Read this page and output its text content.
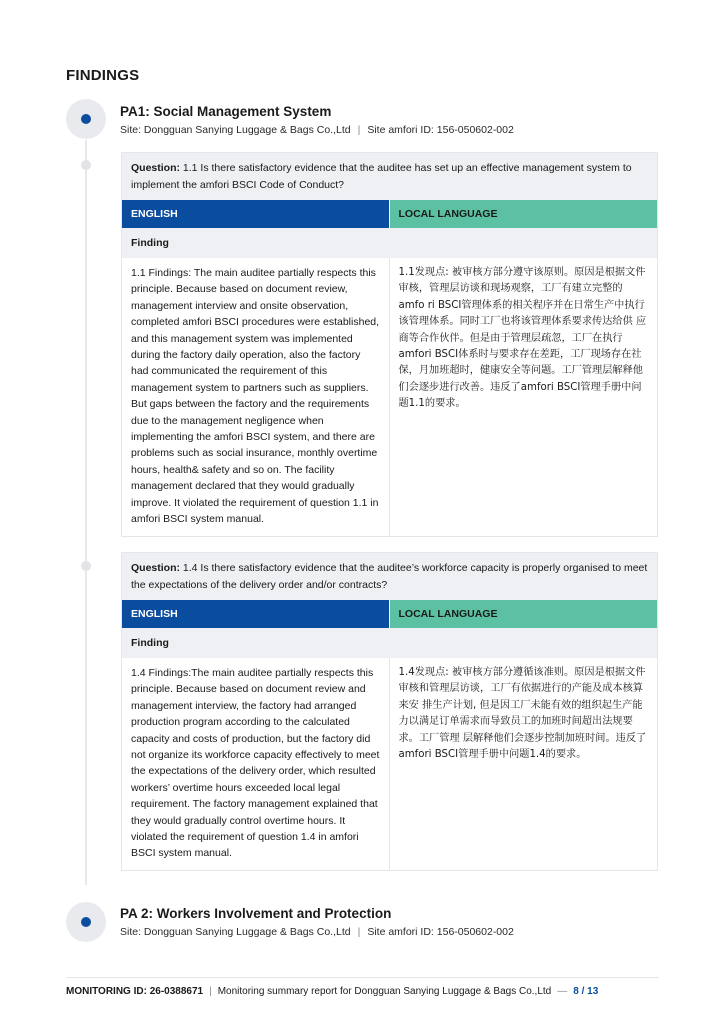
FINDINGS
PA1: Social Management System
Site: Dongguan Sanying Luggage & Bags Co.,Ltd | Site amfori ID: 156-050602-002
Question: 1.1 Is there satisfactory evidence that the auditee has set up an effective management system to implement the amfori BSCI Code of Conduct?
ENGLISH	LOCAL LANGUAGE
Finding
1.1 Findings: The main auditee partially respects this principle. Because based on document review, management interview and onsite observation, completed amfori BSCI procedures were established, and this management system was implemented during the factory daily operation, also the factory had communicated the requirement of this management system to partners such as suppliers. But gaps between the factory and the requirements due to the management negligence when implementing the amfori BSCI system, and there are problems such as social insurance, monthly overtime hours, health& safety and so on. The facility management declared that they would gradually improve. It violated the requirement of question 1.1 in amfori BSCI system manual.
1.1发现点: 被审核方部分遵守该原则。原因是根据文件审核，管理层访谈和现场观察，工厂有建立完整的amfo ri BSCI管理体系的相关程序并在日常生产中执行该管理体系。同时工厂也将该管理体系要求传达给供 应商等合作伙伴。但是由于管理层疏忽，工厂在执行amfori BSCI体系时与要求存在差距，工厂现场存在社保，月加班超时，健康安全等问题。工厂管理层解释他们会逐步进行改善。违反了amfori BSCI管理手册中问题1.1的要求。
Question: 1.4 Is there satisfactory evidence that the auditee’s workforce capacity is properly organised to meet the expectations of the delivery order and/or contracts?
ENGLISH	LOCAL LANGUAGE
Finding
1.4 Findings:The main auditee partially respects this principle. Because based on document review and management interview, the factory had arranged production program according to the calculated capacity and costs of production, but the factory did not organize its workforce capacity effectively to meet the expectations of the delivery order, which resulted workers’ overtime hours exceeded local legal requirement. The factory management explained that they would gradually control overtime hours. It violated the requirement of question 1.4 in amfori BSCI system manual.
1.4发现点: 被审核方部分遵循该准则。原因是根据文件审核和管理层访谈，工厂有依据进行的产能及成本核算来安 排生产计划, 但是因工厂未能有效的组织起生产能力以满足订单需求而导致员工的加班时间超出法规要求。工厂管理 层解释他们会逐步控制加班时间。违反了amfori BSCI管理手册中问题1.4的要求。
PA 2: Workers Involvement and Protection
Site: Dongguan Sanying Luggage & Bags Co.,Ltd | Site amfori ID: 156-050602-002
MONITORING ID: 26-0388671 | Monitoring summary report for Dongguan Sanying Luggage & Bags Co.,Ltd — 8 / 13
